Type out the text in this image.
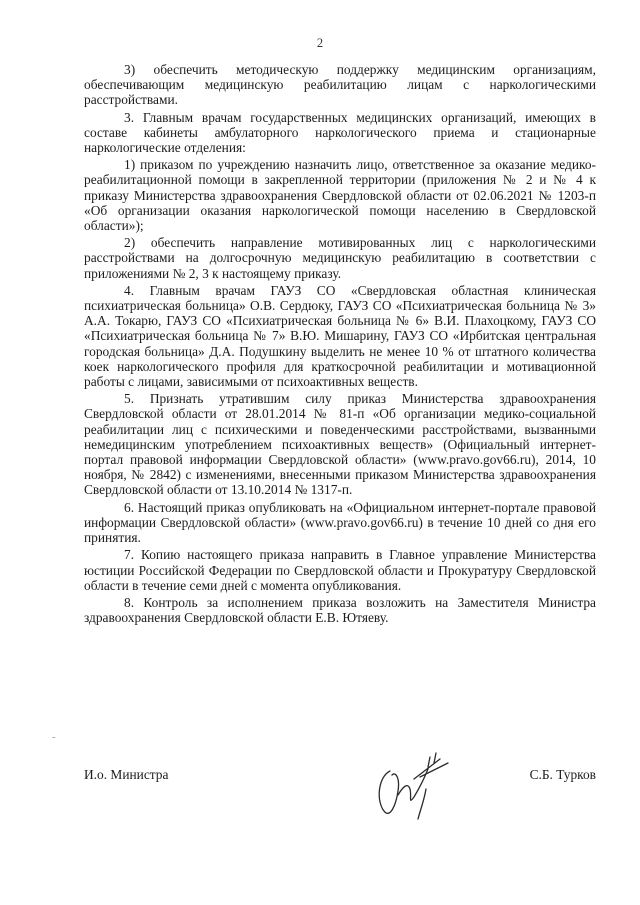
2

3) обеспечить методическую поддержку медицинским организациям, обеспечивающим медицинскую реабилитацию лицам с наркологическими расстройствами.

3. Главным врачам государственных медицинских организаций, имеющих в составе кабинеты амбулаторного наркологического приема и стационарные наркологические отделения:

1) приказом по учреждению назначить лицо, ответственное за оказание медико-реабилитационной помощи в закрепленной территории (приложения № 2 и № 4 к приказу Министерства здравоохранения Свердловской области от 02.06.2021 № 1203-п «Об организации оказания наркологической помощи населению в Свердловской области»);

2) обеспечить направление мотивированных лиц с наркологическими расстройствами на долгосрочную медицинскую реабилитацию в соответствии с приложениями № 2, 3 к настоящему приказу.

4. Главным врачам ГАУЗ СО «Свердловская областная клиническая психиатрическая больница» О.В. Сердюку, ГАУЗ СО «Психиатрическая больница № 3» А.А. Токарю, ГАУЗ СО «Психиатрическая больница № 6» В.И. Плахоцкому, ГАУЗ СО «Психиатрическая больница № 7» В.Ю. Мишарину, ГАУЗ СО «Ирбитская центральная городская больница» Д.А. Подушкину выделить не менее 10 % от штатного количества коек наркологического профиля для краткосрочной реабилитации и мотивационной работы с лицами, зависимыми от психоактивных веществ.

5. Признать утратившим силу приказ Министерства здравоохранения Свердловской области от 28.01.2014 № 81-п «Об организации медико-социальной реабилитации лиц с психическими и поведенческими расстройствами, вызванными немедицинским употреблением психоактивных веществ» (Официальный интернет-портал правовой информации Свердловской области» (www.pravo.gov66.ru), 2014, 10 ноября, № 2842) с изменениями, внесенными приказом Министерства здравоохранения Свердловской области от 13.10.2014 № 1317-п.

6. Настоящий приказ опубликовать на «Официальном интернет-портале правовой информации Свердловской области» (www.pravo.gov66.ru) в течение 10 дней со дня его принятия.

7. Копию настоящего приказа направить в Главное управление Министерства юстиции Российской Федерации по Свердловской области и Прокуратуру Свердловской области в течение семи дней с момента опубликования.

8. Контроль за исполнением приказа возложить на Заместителя Министра здравоохранения Свердловской области Е.В. Ютяеву.

-
И.о. Министра	С.Б. Турков
